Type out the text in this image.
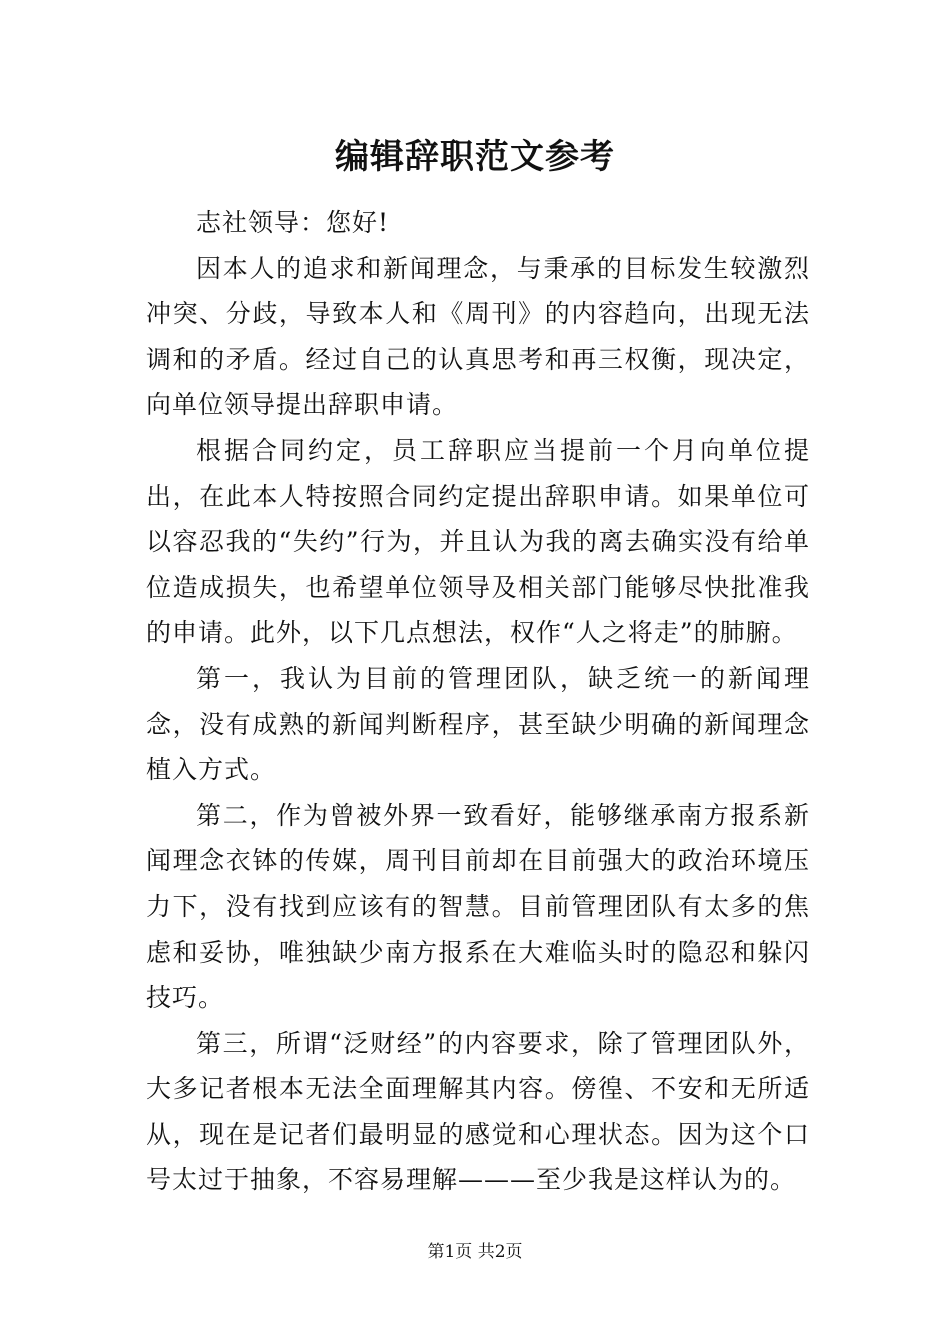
编辑辞职范文参考

志社领导：您好!

因本人的追求和新闻理念，与秉承的目标发生较激烈冲突、分歧，导致本人和《周刊》的内容趋向，出现无法调和的矛盾。经过自己的认真思考和再三权衡，现决定，向单位领导提出辞职申请。

根据合同约定，员工辞职应当提前一个月向单位提出，在此本人特按照合同约定提出辞职申请。如果单位可以容忍我的“失约”行为，并且认为我的离去确实没有给单位造成损失，也希望单位领导及相关部门能够尽快批准我的申请。此外，以下几点想法，权作“人之将走”的肺腑。

第一，我认为目前的管理团队，缺乏统一的新闻理念，没有成熟的新闻判断程序，甚至缺少明确的新闻理念植入方式。

第二，作为曾被外界一致看好，能够继承南方报系新闻理念衣钵的传媒，周刊目前却在目前强大的政治环境压力下，没有找到应该有的智慧。目前管理团队有太多的焦虑和妥协，唯独缺少南方报系在大难临头时的隐忍和躲闪技巧。

第三，所谓“泛财经”的内容要求，除了管理团队外，大多记者根本无法全面理解其内容。傍徨、不安和无所适从，现在是记者们最明显的感觉和心理状态。因为这个口号太过于抽象，不容易理解———至少我是这样认为的。

第1页 共2页
